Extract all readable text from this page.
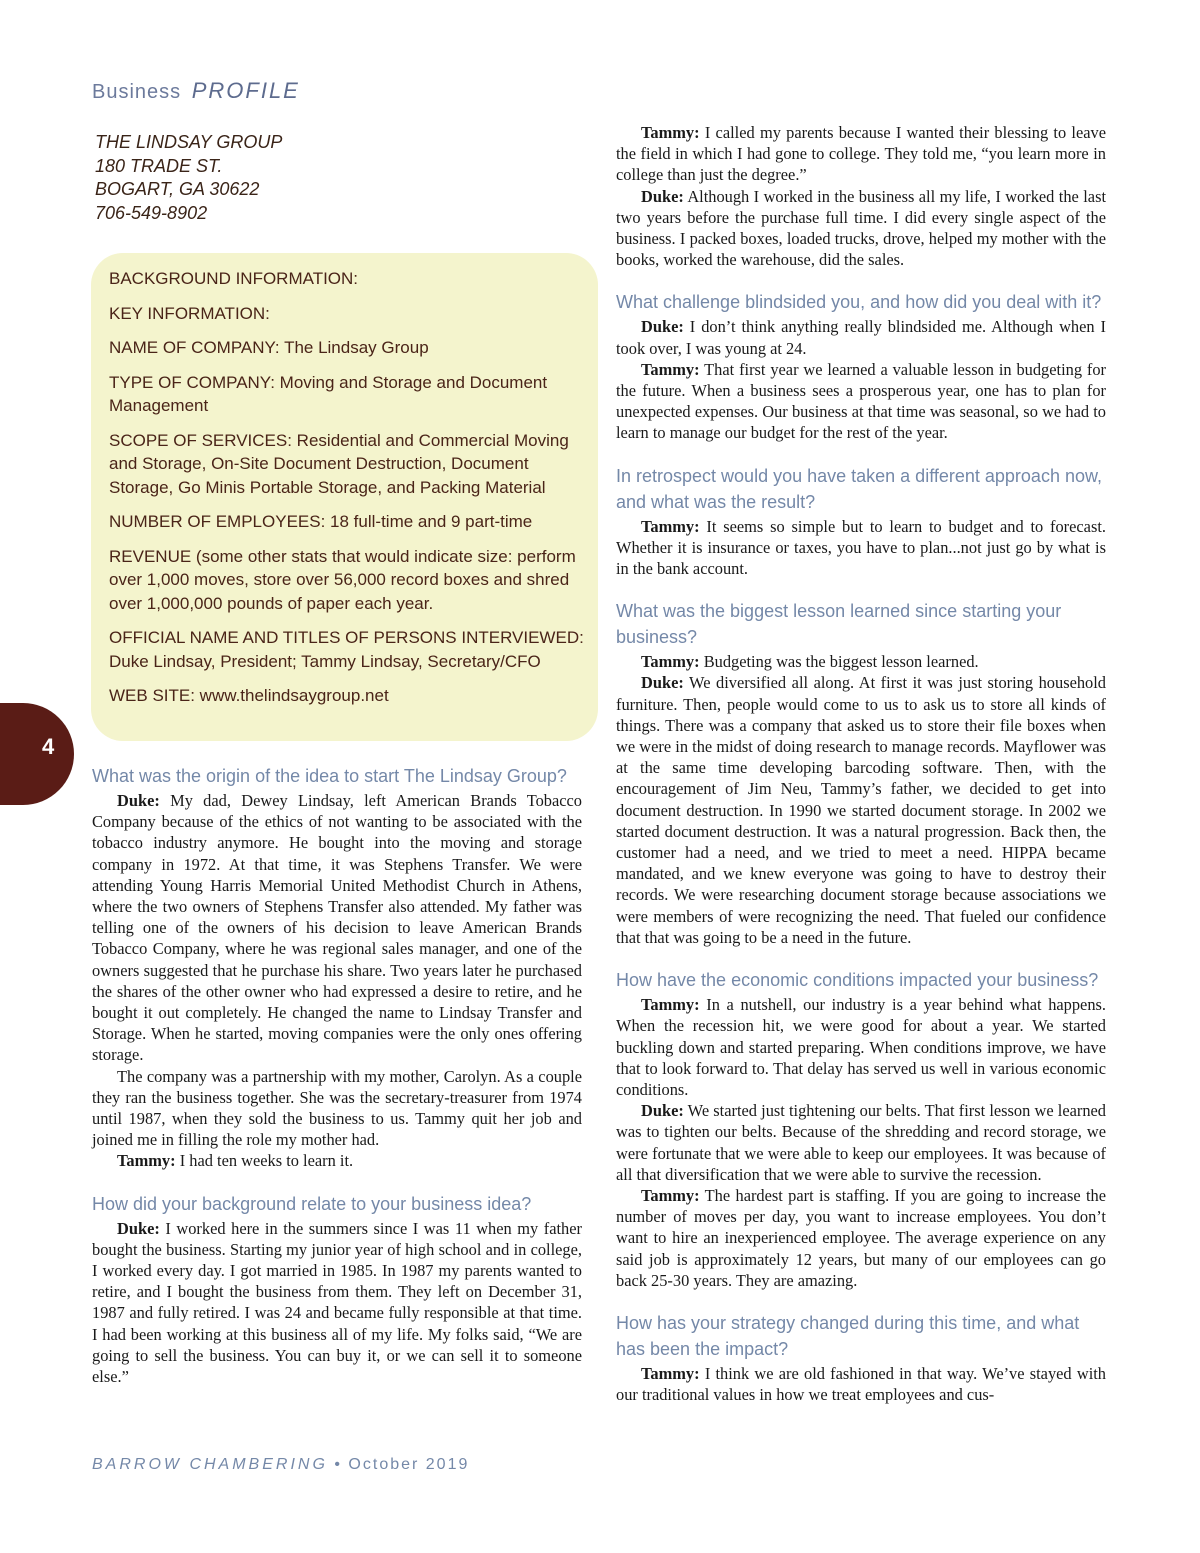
Business PROFILE
THE LINDSAY GROUP
180 TRADE ST.
BOGART, GA 30622
706-549-8902

BACKGROUND INFORMATION:

KEY INFORMATION:

NAME OF COMPANY: The Lindsay Group

TYPE OF COMPANY: Moving and Storage and Document Management

SCOPE OF SERVICES: Residential and Commercial Moving and Storage, On-Site Document Destruction, Document Storage, Go Minis Portable Storage, and Packing Material

NUMBER OF EMPLOYEES: 18 full-time and 9 part-time

REVENUE (some other stats that would indicate size: perform over 1,000 moves, store over 56,000 record boxes and shred over 1,000,000 pounds of paper each year.

OFFICIAL NAME AND TITLES OF PERSONS INTERVIEWED: Duke Lindsay, President; Tammy Lindsay, Secretary/CFO

WEB SITE: www.thelindsaygroup.net

4
What was the origin of the idea to start The Lindsay Group?

Duke: My dad, Dewey Lindsay, left American Brands Tobacco Company because of the ethics of not wanting to be associated with the tobacco industry anymore. He bought into the moving and storage company in 1972. At that time, it was Stephens Transfer. We were attending Young Harris Memorial United Methodist Church in Athens, where the two owners of Stephens Transfer also attended. My father was telling one of the owners of his decision to leave American Brands Tobacco Company, where he was regional sales manager, and one of the owners suggested that he purchase his share. Two years later he purchased the shares of the other owner who had expressed a desire to retire, and he bought it out completely. He changed the name to Lindsay Transfer and Storage. When he started, moving companies were the only ones offering storage.

The company was a partnership with my mother, Carolyn. As a couple they ran the business together. She was the secretary-treasurer from 1974 until 1987, when they sold the business to us. Tammy quit her job and joined me in filling the role my mother had.

Tammy: I had ten weeks to learn it.

How did your background relate to your business idea?

Duke: I worked here in the summers since I was 11 when my father bought the business. Starting my junior year of high school and in college, I worked every day. I got married in 1985. In 1987 my parents wanted to retire, and I bought the business from them. They left on December 31, 1987 and fully retired. I was 24 and became fully responsible at that time. I had been working at this business all of my life. My folks said, “We are going to sell the business. You can buy it, or we can sell it to someone else.”

Tammy: I called my parents because I wanted their blessing to leave the field in which I had gone to college. They told me, “you learn more in college than just the degree.”

Duke: Although I worked in the business all my life, I worked the last two years before the purchase full time. I did every single aspect of the business. I packed boxes, loaded trucks, drove, helped my mother with the books, worked the warehouse, did the sales.

What challenge blindsided you, and how did you deal with it?

Duke: I don’t think anything really blindsided me. Although when I took over, I was young at 24.

Tammy: That first year we learned a valuable lesson in budgeting for the future. When a business sees a prosperous year, one has to plan for unexpected expenses. Our business at that time was seasonal, so we had to learn to manage our budget for the rest of the year.

In retrospect would you have taken a different approach now, and what was the result?

Tammy: It seems so simple but to learn to budget and to forecast. Whether it is insurance or taxes, you have to plan...not just go by what is in the bank account.

What was the biggest lesson learned since starting your business?

Tammy: Budgeting was the biggest lesson learned.

Duke: We diversified all along. At first it was just storing household furniture. Then, people would come to us to ask us to store all kinds of things. There was a company that asked us to store their file boxes when we were in the midst of doing research to manage records. Mayflower was at the same time developing barcoding software. Then, with the encouragement of Jim Neu, Tammy’s father, we decided to get into document destruction. In 1990 we started document storage. In 2002 we started document destruction. It was a natural progression. Back then, the customer had a need, and we tried to meet a need. HIPPA became mandated, and we knew everyone was going to have to destroy their records. We were researching document storage because associations we were members of were recognizing the need. That fueled our confidence that that was going to be a need in the future.

How have the economic conditions impacted your business?

Tammy: In a nutshell, our industry is a year behind what happens. When the recession hit, we were good for about a year. We started buckling down and started preparing. When conditions improve, we have that to look forward to. That delay has served us well in various economic conditions.

Duke: We started just tightening our belts. That first lesson we learned was to tighten our belts. Because of the shredding and record storage, we were fortunate that we were able to keep our employees. It was because of all that diversification that we were able to survive the recession.

Tammy: The hardest part is staffing. If you are going to increase the number of moves per day, you want to increase employees. You don’t want to hire an inexperienced employee. The average experience on any said job is approximately 12 years, but many of our employees can go back 25-30 years. They are amazing.

How has your strategy changed during this time, and what has been the impact?

Tammy: I think we are old fashioned in that way. We’ve stayed with our traditional values in how we treat employees and cus-

BARROW CHAMBERING • October 2019
